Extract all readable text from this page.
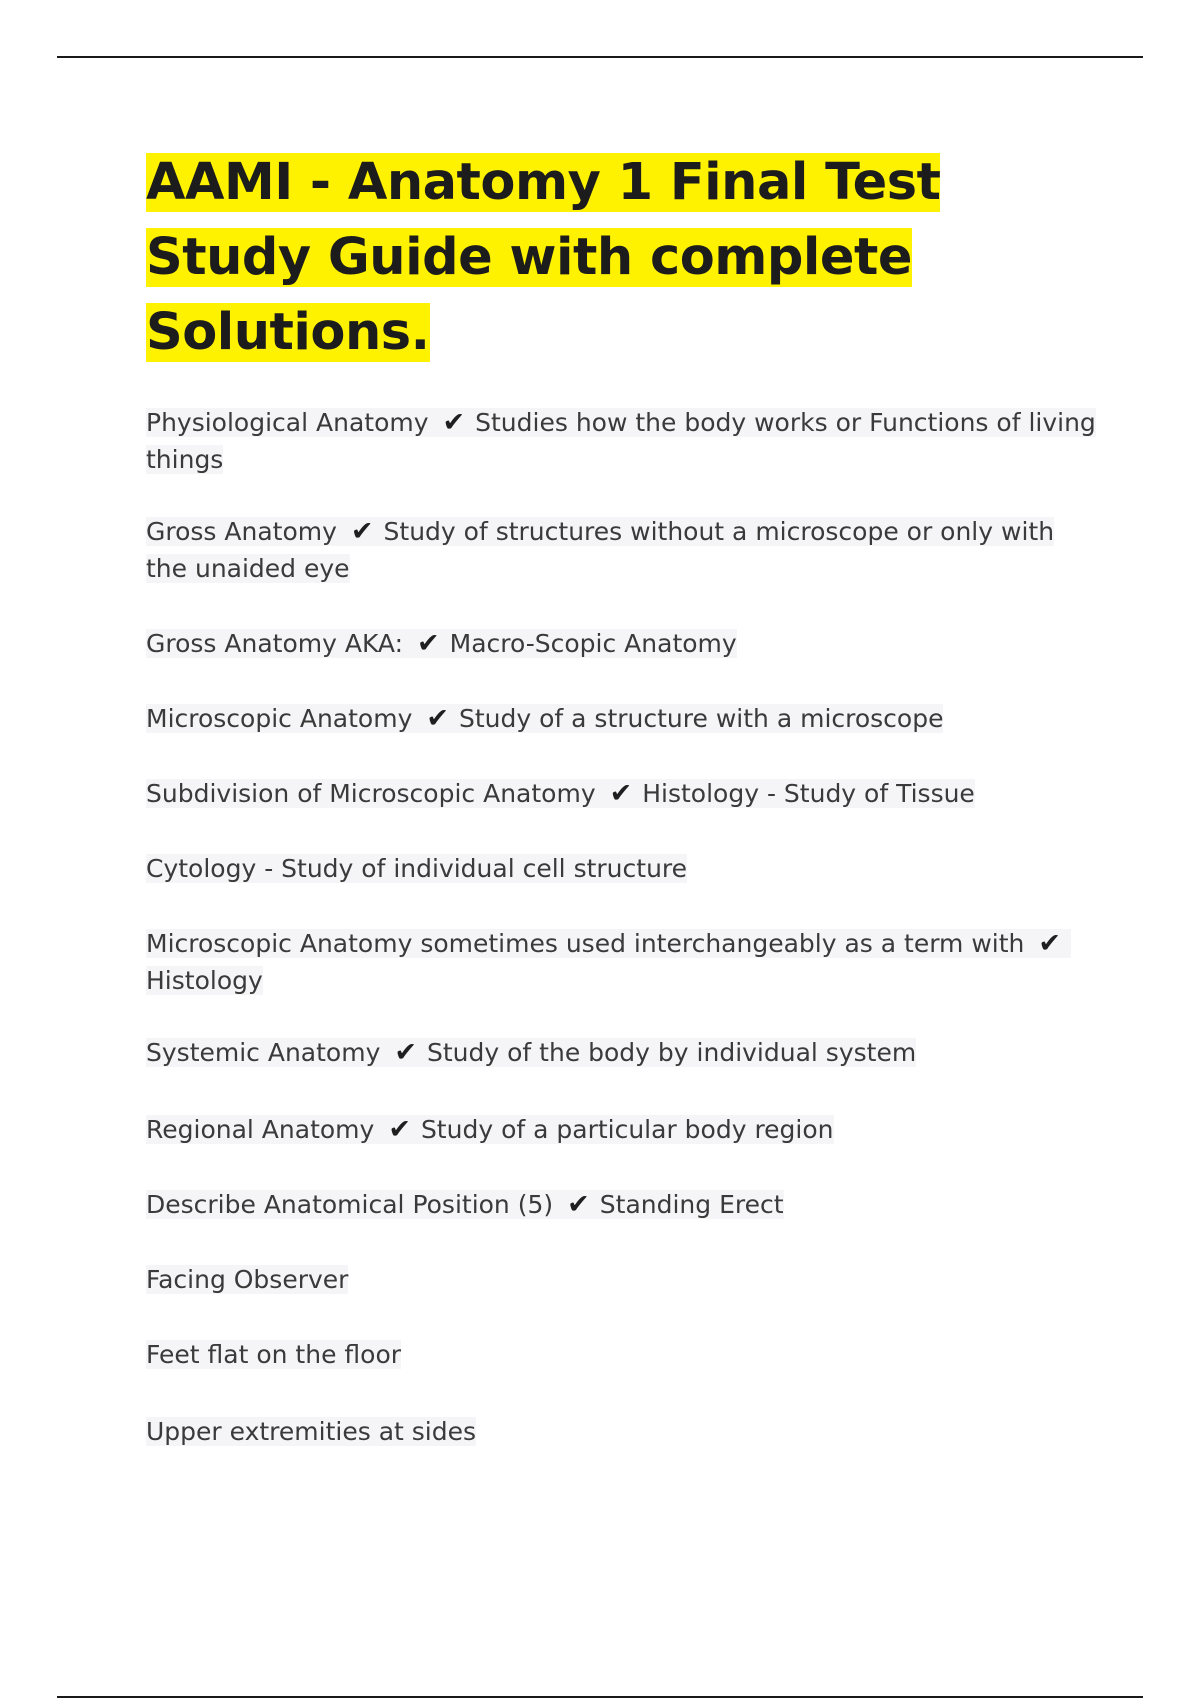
AAMI - Anatomy 1 Final Test Study Guide with complete Solutions.

Physiological Anatomy ✔ Studies how the body works or Functions of living things

Gross Anatomy ✔ Study of structures without a microscope or only with the unaided eye

Gross Anatomy AKA: ✔ Macro-Scopic Anatomy

Microscopic Anatomy ✔ Study of a structure with a microscope

Subdivision of Microscopic Anatomy ✔ Histology - Study of Tissue

Cytology - Study of individual cell structure

Microscopic Anatomy sometimes used interchangeably as a term with ✔Histology

Systemic Anatomy ✔ Study of the body by individual system

Regional Anatomy ✔ Study of a particular body region

Describe Anatomical Position (5) ✔ Standing Erect

Facing Observer

Feet flat on the floor

Upper extremities at sides
